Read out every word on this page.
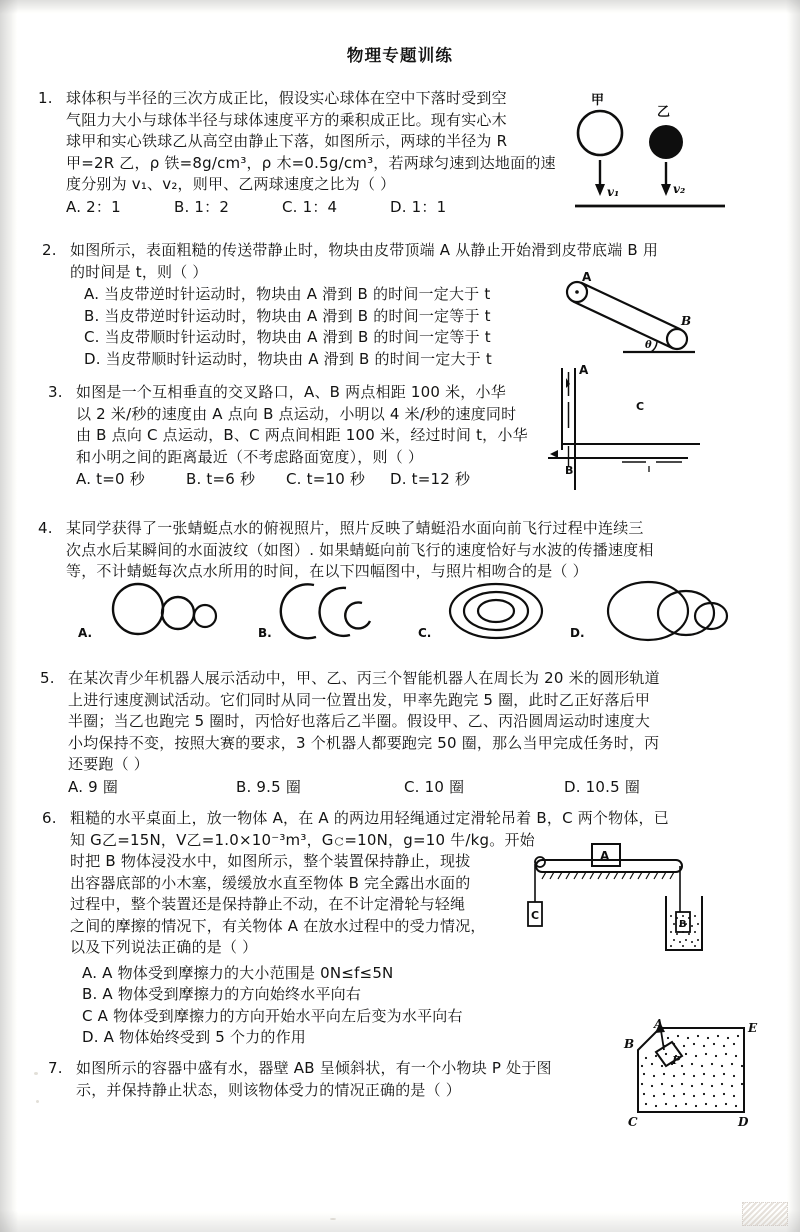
物理专题训练
1. 球体积与半径的三次方成正比，假设实心球体在空中下落时受到空
气阻力大小与球体半径与球体速度平方的乘积成正比。现有实心木
球甲和实心铁球乙从高空由静止下落，如图所示，两球的半径为 R
甲=2R 乙，ρ 铁=8g/cm³，ρ 木=0.5g/cm³，若两球匀速到达地面的速
度分别为 v₁、v₂，则甲、乙两球速度之比为（ ）
A. 2：1	B. 1：2	C. 1：4	D. 1：1
甲
乙
v₁	v₂
2. 如图所示，表面粗糙的传送带静止时，物块由皮带顶端 A 从静止开始滑到皮带底端 B 用
的时间是 t，则（ ）
A. 当皮带逆时针运动时，物块由 A 滑到 B 的时间一定大于 t
B. 当皮带逆时针运动时，物块由 A 滑到 B 的时间一定等于 t
C. 当皮带顺时针运动时，物块由 A 滑到 B 的时间一定等于 t
D. 当皮带顺时针运动时，物块由 A 滑到 B 的时间一定大于 t
A
B
θ
3. 如图是一个互相垂直的交叉路口，A、B 两点相距 100 米，小华
以 2 米/秒的速度由 A 点向 B 点运动，小明以 4 米/秒的速度同时
由 B 点向 C 点运动，B、C 两点间相距 100 米，经过时间 t，小华
和小明之间的距离最近（不考虑路面宽度），则（ ）
A. t=0 秒	B. t=6 秒 C. t=10 秒 D. t=12 秒
A
C
B
4. 某同学获得了一张蜻蜓点水的俯视照片，照片反映了蜻蜓沿水面向前飞行过程中连续三
次点水后某瞬间的水面波纹（如图）. 如果蜻蜓向前飞行的速度恰好与水波的传播速度相
等，不计蜻蜓每次点水所用的时间，在以下四幅图中，与照片相吻合的是（ ）
A.	B.	C.	D.
5. 在某次青少年机器人展示活动中，甲、乙、丙三个智能机器人在周长为 20 米的圆形轨道
上进行速度测试活动。它们同时从同一位置出发，甲率先跑完 5 圈，此时乙正好落后甲
半圈；当乙也跑完 5 圈时，丙恰好也落后乙半圈。假设甲、乙、丙沿圆周运动时速度大
小均保持不变，按照大赛的要求，3 个机器人都要跑完 50 圈，那么当甲完成任务时，丙
还要跑（ ）
A. 9 圈	B. 9.5 圈	C. 10 圈	D. 10.5 圈
6. 粗糙的水平桌面上，放一物体 A，在 A 的两边用轻绳通过定滑轮吊着 B，C 两个物体，已
知 G乙=15N，V乙=1.0×10⁻³m³，G𝚌=10N，g=10 牛/kg。开始
时把 B 物体浸没水中，如图所示，整个装置保持静止，现拔
出容器底部的小木塞，缓缓放水直至物体 B 完全露出水面的
过程中，整个装置还是保持静止不动，在不计定滑轮与轻绳
之间的摩擦的情况下，有关物体 A 在放水过程中的受力情况，
以及下列说法正确的是（ ）
A. A 物体受到摩擦力的大小范围是 0N≤f≤5N
B. A 物体受到摩擦力的方向始终水平向右
C A 物体受到摩擦力的方向开始水平向左后变为水平向右
D. A 物体始终受到 5 个力的作用
A
C
B
7. 如图所示的容器中盛有水，器壁 AB 呈倾斜状，有一个小物块 P 处于图
示，并保持静止状态，则该物体受力的情况正确的是（ ）
P
A
B
C	D
E
